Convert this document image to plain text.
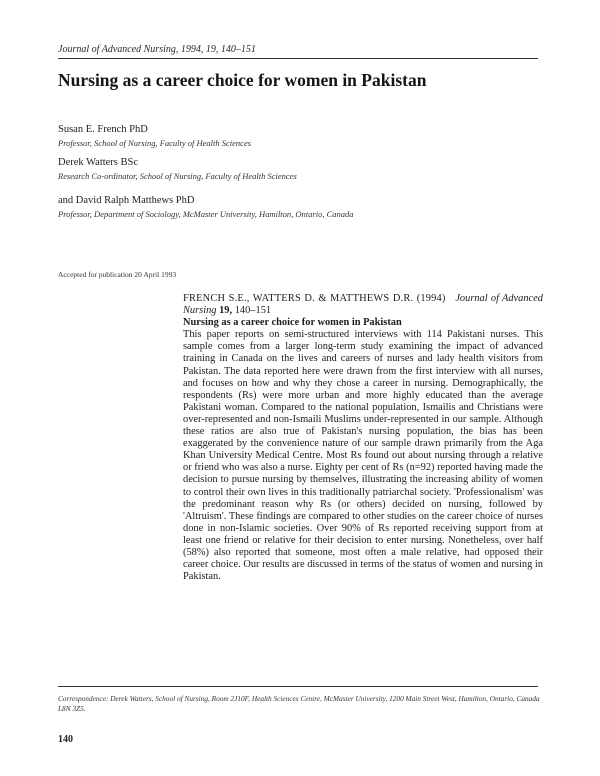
Journal of Advanced Nursing, 1994, 19, 140–151
Nursing as a career choice for women in Pakistan
Susan E. French PhD
Professor, School of Nursing, Faculty of Health Sciences
Derek Watters BSc
Research Co-ordinator, School of Nursing, Faculty of Health Sciences
and David Ralph Matthews PhD
Professor, Department of Sociology, McMaster University, Hamilton, Ontario, Canada
Accepted for publication 20 April 1993

FRENCH S.E., WATTERS D. & MATTHEWS D.R. (1994) Journal of Advanced Nursing 19, 140–151

Nursing as a career choice for women in Pakistan

This paper reports on semi-structured interviews with 114 Pakistani nurses. This sample comes from a larger long-term study examining the impact of advanced training in Canada on the lives and careers of nurses and lady health visitors from Pakistan. The data reported here were drawn from the first interview with all nurses, and focuses on how and why they chose a career in nursing. Demographically, the respondents (Rs) were more urban and more highly educated than the average Pakistani woman. Compared to the national population, Ismailis and Christians were over-represented and non-Ismaili Muslims under-represented in our sample. Although these ratios are also true of Pakistan's nursing population, the bias has been exaggerated by the convenience nature of our sample drawn primarily from the Aga Khan University Medical Centre. Most Rs found out about nursing through a relative or friend who was also a nurse. Eighty per cent of Rs (n=92) reported having made the decision to pursue nursing by themselves, illustrating the increasing ability of women to control their own lives in this traditionally patriarchal society. 'Professionalism' was the predominant reason why Rs (or others) decided on nursing, followed by 'Altruism'. These findings are compared to other studies on the career choice of nurses done in non-Islamic societies. Over 90% of Rs reported receiving support from at least one friend or relative for their decision to enter nursing. Nonetheless, over half (58%) also reported that someone, most often a male relative, had opposed their career choice. Our results are discussed in terms of the status of women and nursing in Pakistan.

Correspondence: Derek Watters, School of Nursing, Room 2J10F, Health Sciences Centre, McMaster University, 1200 Main Street West, Hamilton, Ontario, Canada L8N 3Z5.
140
